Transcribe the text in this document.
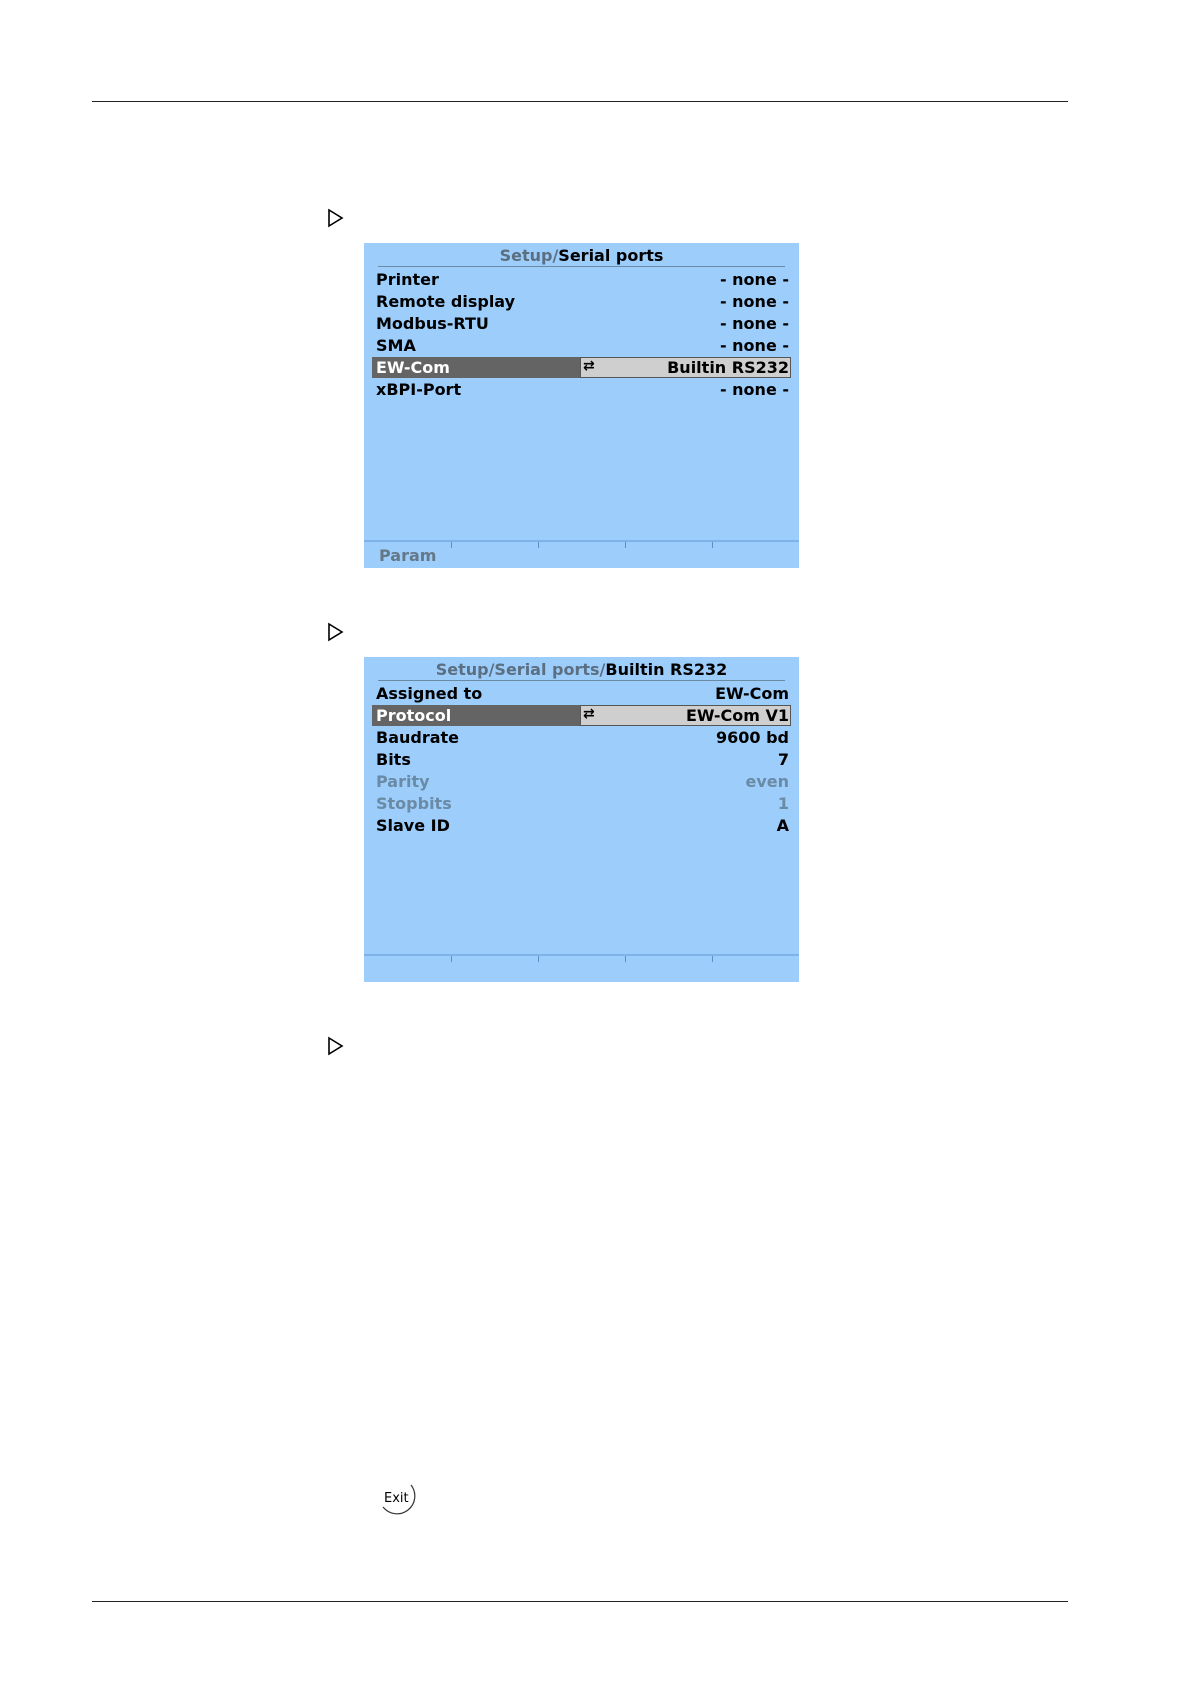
Setup/Serial ports
Printer	- none -
Remote display	- none -
Modbus-RTU	- none -
SMA	- none -
⇄
EW-Com	Builtin RS232
xBPI-Port	- none -
Param
Setup/Serial ports/Builtin RS232
Assigned to	EW-Com
⇄
Protocol	EW-Com V1
Baudrate	9600 bd
Bits	7
Parity	even
Stopbits	1
Slave ID	A
Exit
